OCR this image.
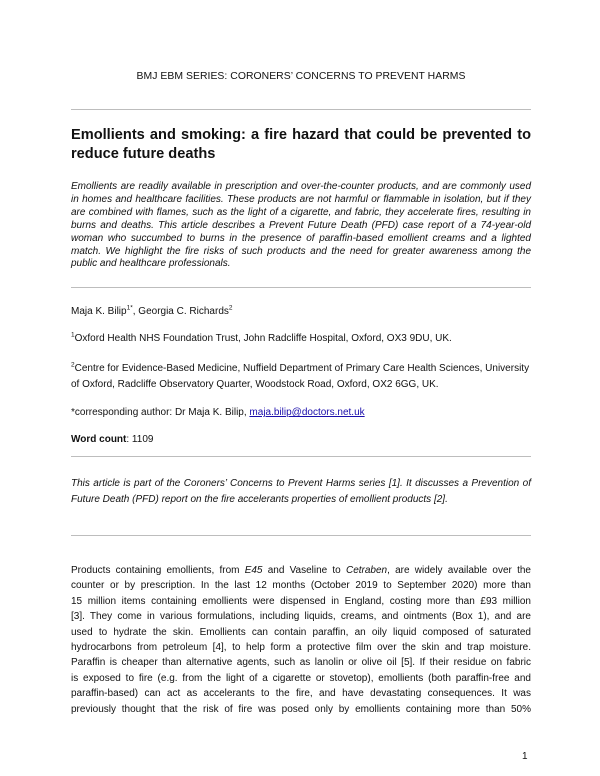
BMJ EBM SERIES: CORONERS’ CONCERNS TO PREVENT HARMS
Emollients and smoking: a fire hazard that could be prevented to reduce future deaths
Emollients are readily available in prescription and over-the-counter products, and are commonly used in homes and healthcare facilities. These products are not harmful or flammable in isolation, but if they are combined with flames, such as the light of a cigarette, and fabric, they accelerate fires, resulting in burns and deaths. This article describes a Prevent Future Death (PFD) case report of a 74-year-old woman who succumbed to burns in the presence of paraffin-based emollient creams and a lighted match. We highlight the fire risks of such products and the need for greater awareness among the public and healthcare professionals.
Maja K. Bilip$^{1*}$, Georgia C. Richards$^2$
$^1$Oxford Health NHS Foundation Trust, John Radcliffe Hospital, Oxford, OX3 9DU, UK.
$^2$Centre for Evidence-Based Medicine, Nuffield Department of Primary Care Health Sciences, University of Oxford, Radcliffe Observatory Quarter, Woodstock Road, Oxford, OX2 6GG, UK.
*corresponding author: Dr Maja K. Bilip, maja.bilip@doctors.net.uk
Word count: 1109
This article is part of the Coroners’ Concerns to Prevent Harms series [1]. It discusses a Prevention of Future Death (PFD) report on the fire accelerants properties of emollient products [2].
Products containing emollients, from E45 and Vaseline to Cetraben, are widely available over the
counter or by prescription. In the last 12 months (October 2019 to September 2020) more than
15 million items containing emollients were dispensed in England, costing more than £93 million
[3]. They come in various formulations, including liquids, creams, and ointments (Box 1), and are
used to hydrate the skin. Emollients can contain paraffin, an oily liquid composed of saturated
hydrocarbons from petroleum [4], to help form a protective film over the skin and trap moisture.
Paraffin is cheaper than alternative agents, such as lanolin or olive oil [5]. If their residue on fabric
is exposed to fire (e.g. from the light of a cigarette or stovetop), emollients (both paraffin-free and
paraffin-based) can act as accelerants to the fire, and have devastating consequences. It was
previously thought that the risk of fire was posed only by emollients containing more than 50%
1
